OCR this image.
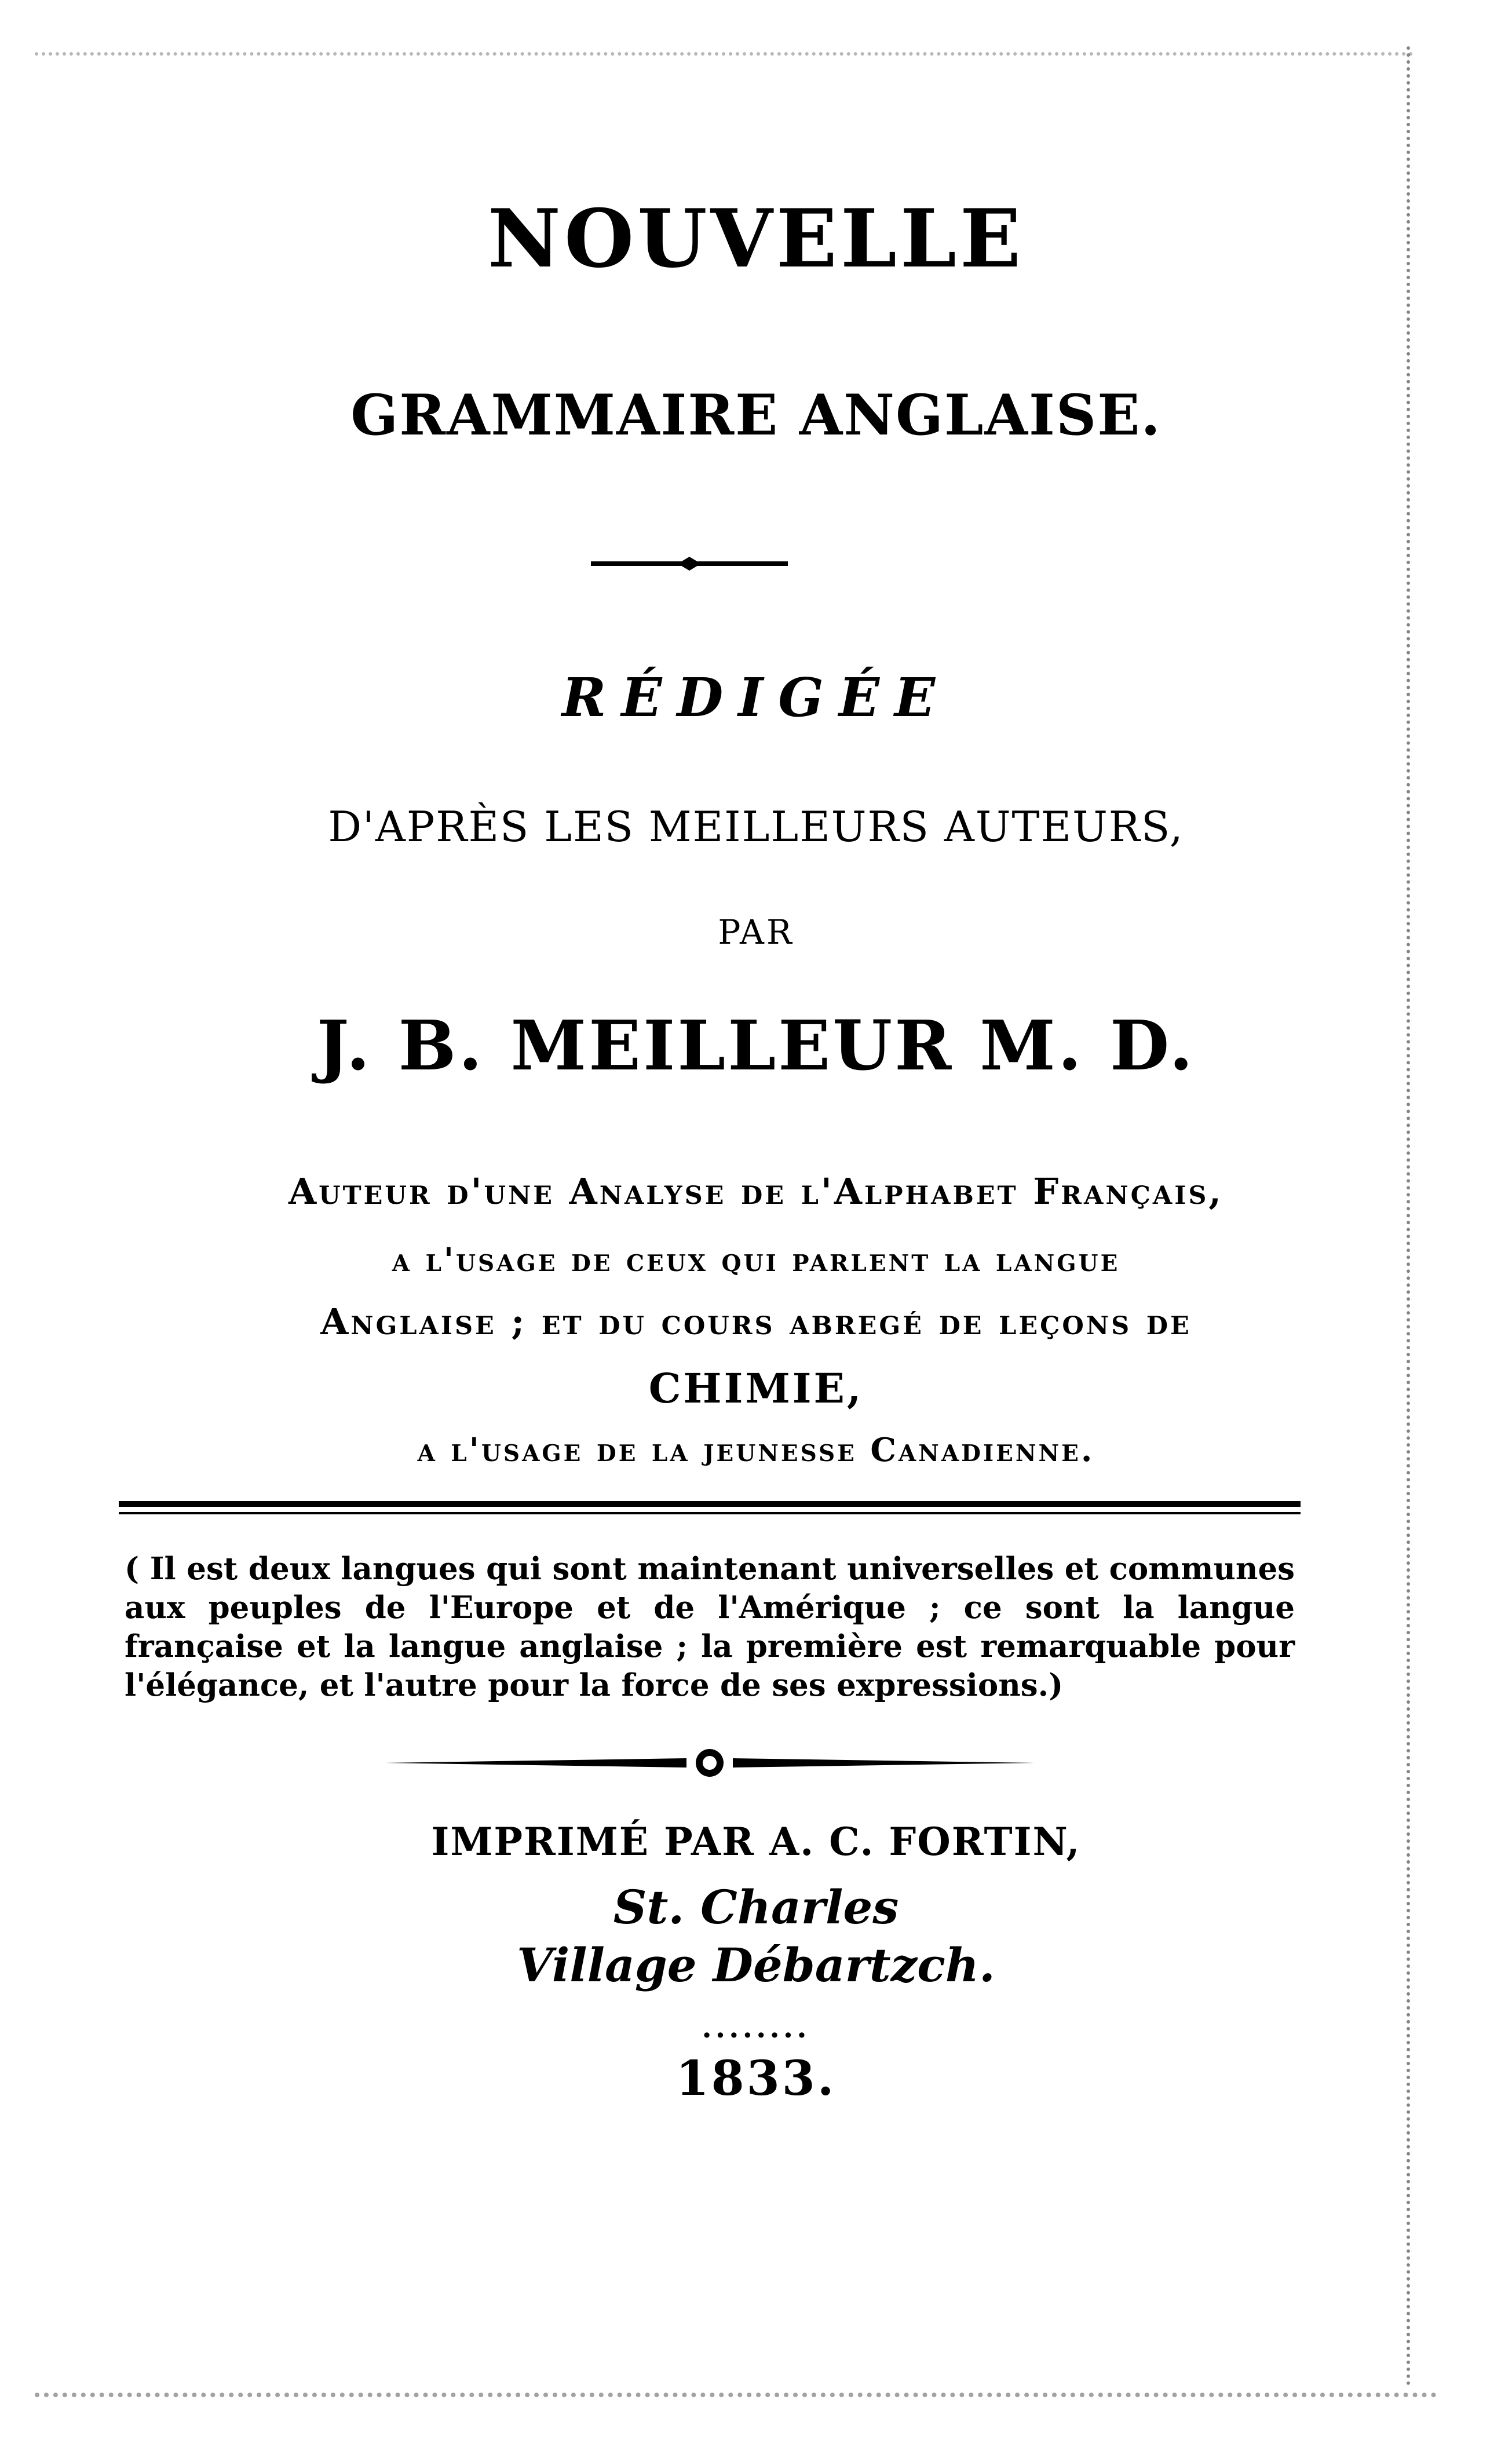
NOUVELLE
GRAMMAIRE ANGLAISE.
RÉDIGÉE
D'APRÈS LES MEILLEURS AUTEURS,
PAR
J. B. MEILLEUR M. D.
Auteur d'une Analyse de l'Alphabet Français,
a l'usage de ceux qui parlent la langue
Anglaise ; et du cours abregé de leçons de
CHIMIE,
a l'usage de la jeunesse Canadienne.
( Il est deux langues qui sont maintenant universelles et communes aux peuples de l'Europe et de l'Amérique ; ce sont la langue française et la langue anglaise ; la première est remarquable pour l'élégance, et l'autre pour la force de ses expressions.)
IMPRIMÉ PAR A. C. FORTIN,
St. Charles
Village Débartzch.
........
1833.
